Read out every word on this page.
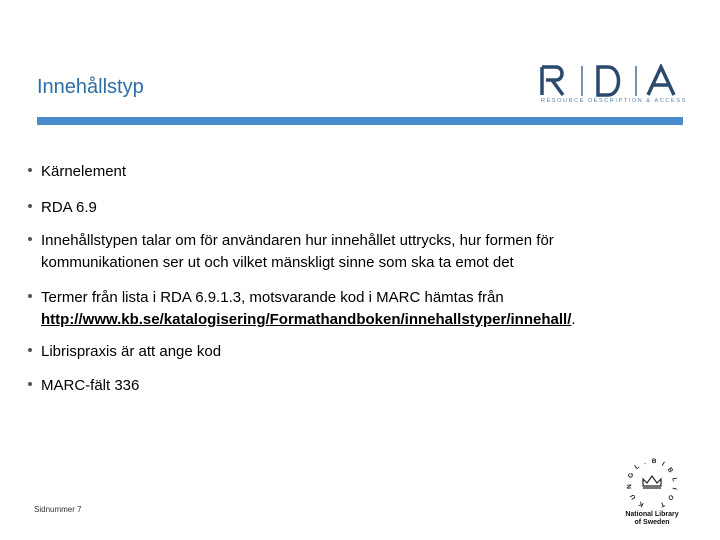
Innehållstyp
RESOURCE DESCRIPTION & ACCESS
Kärnelement
RDA 6.9
Innehållstypen talar om för användaren hur innehållet uttrycks, hur formen för
kommunikationen ser ut och vilket mänskligt sinne som ska ta emot det
Termer från lista i RDA 6.9.1.3, motsvarande kod i MARC hämtas från
http://www.kb.se/katalogisering/Formathandboken/innehallstyper/innehall/.
Librispraxis är att ange kod
MARC-fält 336
Sidnummer 7
K U N G L . B I B L I O T
National Library
of Sweden
